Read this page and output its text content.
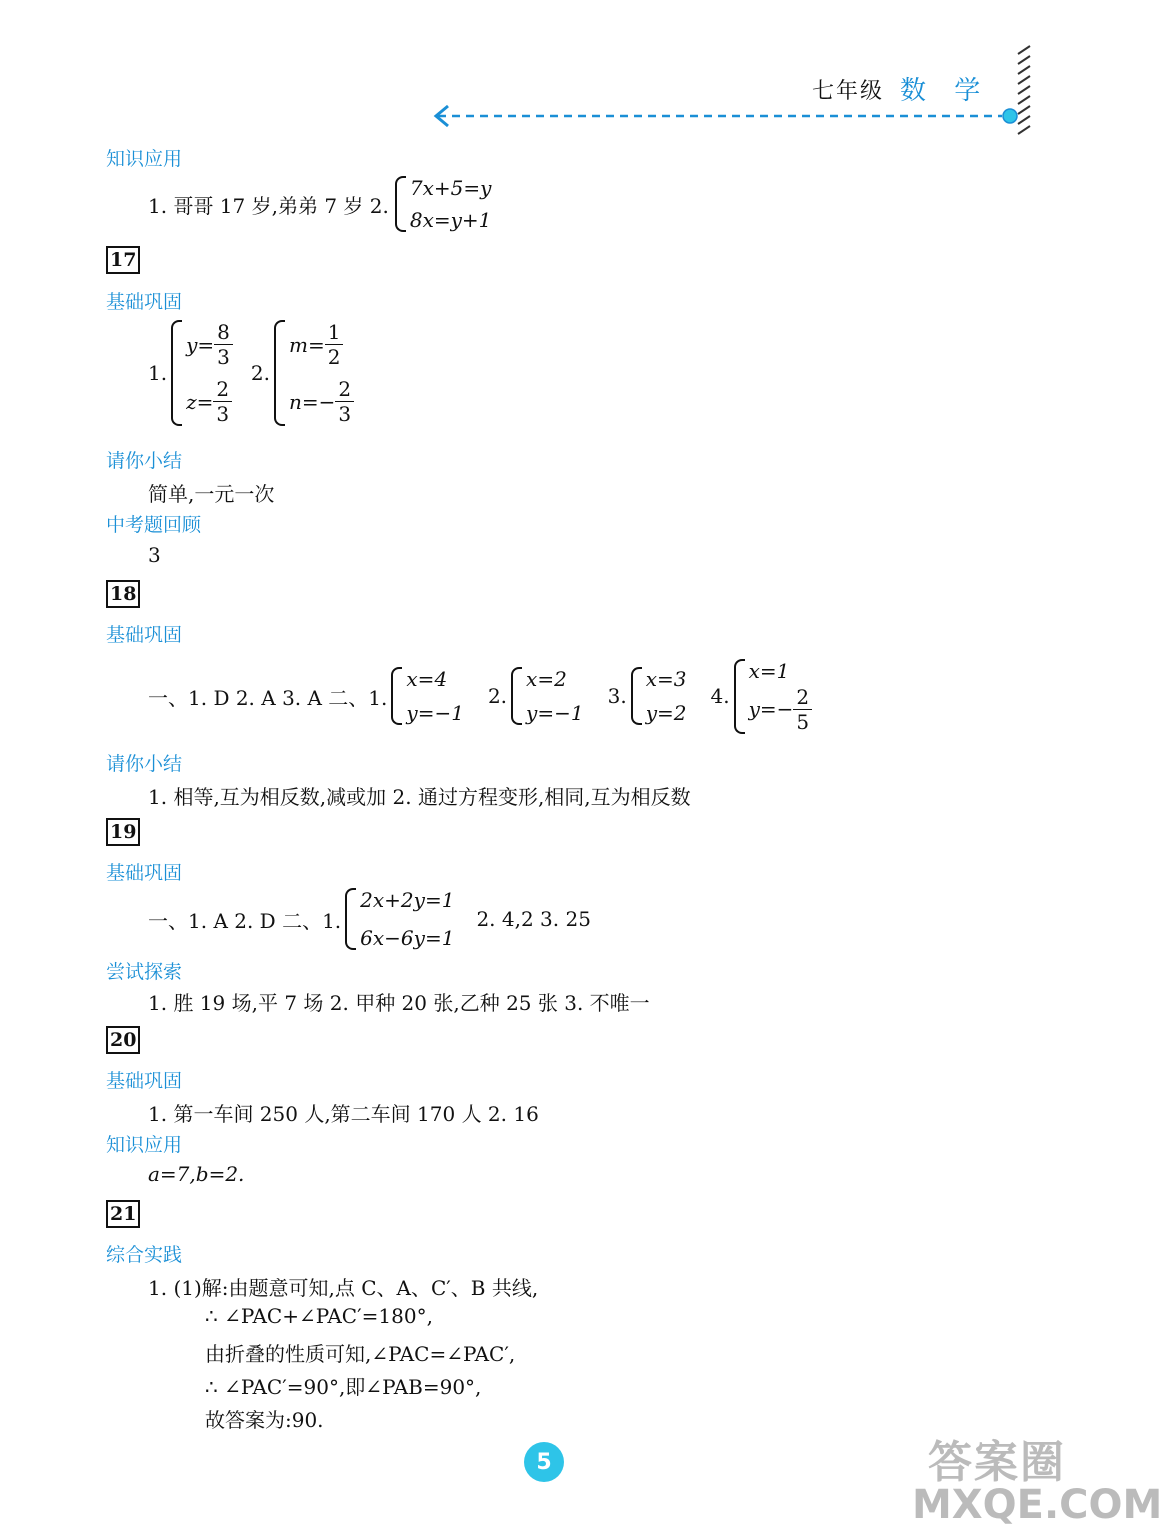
七年级 数 学
知识应用
1. 哥哥 17 岁,弟弟 7 岁 2.
7x+5=y
8x=y+1
17
基础巩固
1.
$y= \frac{8}{3}$
$z= \frac{2}{3}$
2.
$m= \frac{1}{2}$
$n=- \frac{2}{3}$
请你小结
简单,一元一次
中考题回顾
3
18
基础巩固
一、1. D 2. A 3. A 二、1.
x=4
y=−1
2.
x=2
y=−1
3.
x=3
y=2
4.
x=1
$y=- \frac{2}{5}$
请你小结
1. 相等,互为相反数,减或加 2. 通过方程变形,相同,互为相反数
19
基础巩固
一、1. A 2. D 二、1.
2x+2y=1
6x−6y=1
2. 4,2 3. 25
尝试探索
1. 胜 19 场,平 7 场 2. 甲种 20 张,乙种 25 张 3. 不唯一
20
基础巩固
1. 第一车间 250 人,第二车间 170 人 2. 16
知识应用
a=7,b=2.
21
综合实践
1. (1)解:由题意可知,点 C、A、C′、B 共线,
∴ ∠PAC+∠PAC′=180°,
由折叠的性质可知,∠PAC=∠PAC′,
∴ ∠PAC′=90°,即∠PAB=90°,
故答案为:90.
5	答案圈
MXQE.COM
